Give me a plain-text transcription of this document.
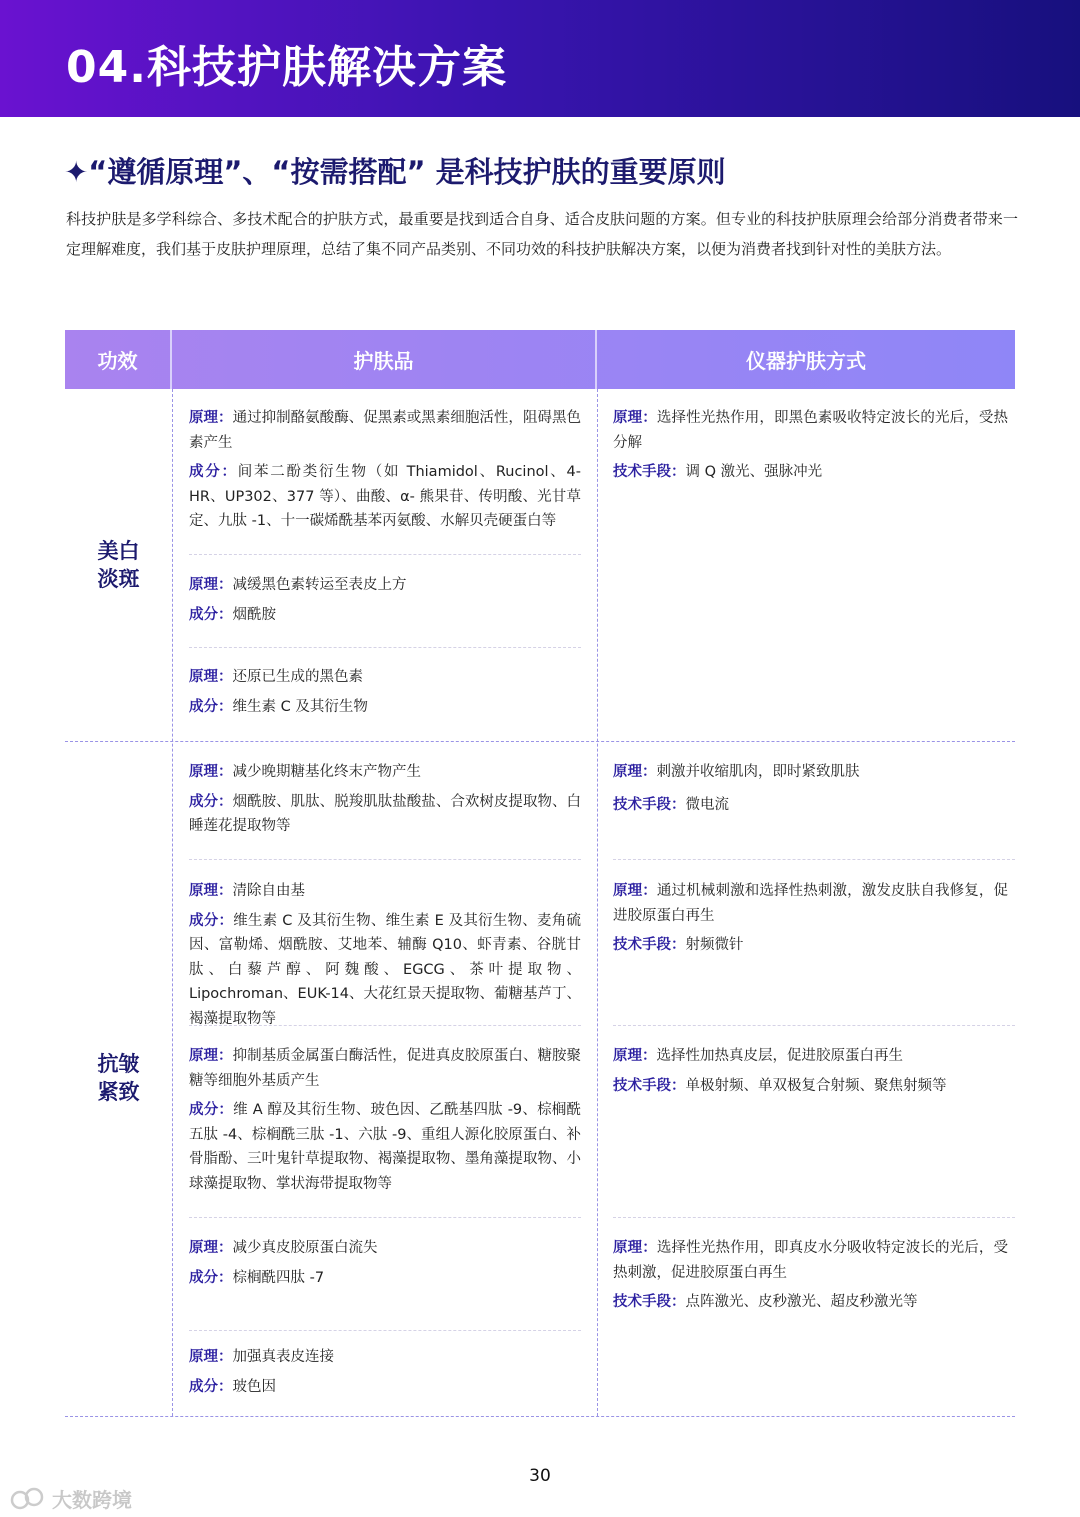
04.科技护肤解决方案
✦“遵循原理”、“按需搭配” 是科技护肤的重要原则
科技护肤是多学科综合、多技术配合的护肤方式，最重要是找到适合自身、适合皮肤问题的方案。但专业的科技护肤原理会给部分消费者带来一定理解难度，我们基于皮肤护理原理，总结了集不同产品类别、不同功效的科技护肤解决方案，以便为消费者找到针对性的美肤方法。
功效	护肤品	仪器护肤方式
美白
淡斑

原理：通过抑制酪氨酸酶、促黑素或黑素细胞活性，阻碍黑色素产生

成分：间苯二酚类衍生物（如 Thiamidol、Rucinol、4-HR、UP302、377 等）、曲酸、α- 熊果苷、传明酸、光甘草定、九肽 -1、十一碳烯酰基苯丙氨酸、水解贝壳硬蛋白等

原理：减缓黑色素转运至表皮上方

成分：烟酰胺

原理：还原已生成的黑色素

成分：维生素 C 及其衍生物

原理：选择性光热作用，即黑色素吸收特定波长的光后，受热分解

技术手段：调 Q 激光、强脉冲光

抗皱
紧致

原理：减少晚期糖基化终末产物产生

成分：烟酰胺、肌肽、脱羧肌肽盐酸盐、合欢树皮提取物、白睡莲花提取物等

原理：清除自由基

成分：维生素 C 及其衍生物、维生素 E 及其衍生物、麦角硫因、富勒烯、烟酰胺、艾地苯、辅酶 Q10、虾青素、谷胱甘肽、白藜芦醇、阿魏酸、EGCG、茶叶提取物、Lipochroman、EUK-14、大花红景天提取物、葡糖基芦丁、褐藻提取物等

原理：抑制基质金属蛋白酶活性，促进真皮胶原蛋白、糖胺聚糖等细胞外基质产生

成分：维 A 醇及其衍生物、玻色因、乙酰基四肽 -9、棕榈酰五肽 -4、棕榈酰三肽 -1、六肽 -9、重组人源化胶原蛋白、补骨脂酚、三叶鬼针草提取物、褐藻提取物、墨角藻提取物、小球藻提取物、掌状海带提取物等

原理：减少真皮胶原蛋白流失

成分：棕榈酰四肽 -7

原理：加强真表皮连接

成分：玻色因

原理：刺激并收缩肌肉，即时紧致肌肤

技术手段：微电流

原理：通过机械刺激和选择性热刺激，激发皮肤自我修复，促进胶原蛋白再生

技术手段：射频微针

原理：选择性加热真皮层，促进胶原蛋白再生

技术手段：单极射频、单双极复合射频、聚焦射频等

原理：选择性光热作用，即真皮水分吸收特定波长的光后，受热刺激，促进胶原蛋白再生

技术手段：点阵激光、皮秒激光、超皮秒激光等

30
大数跨境
